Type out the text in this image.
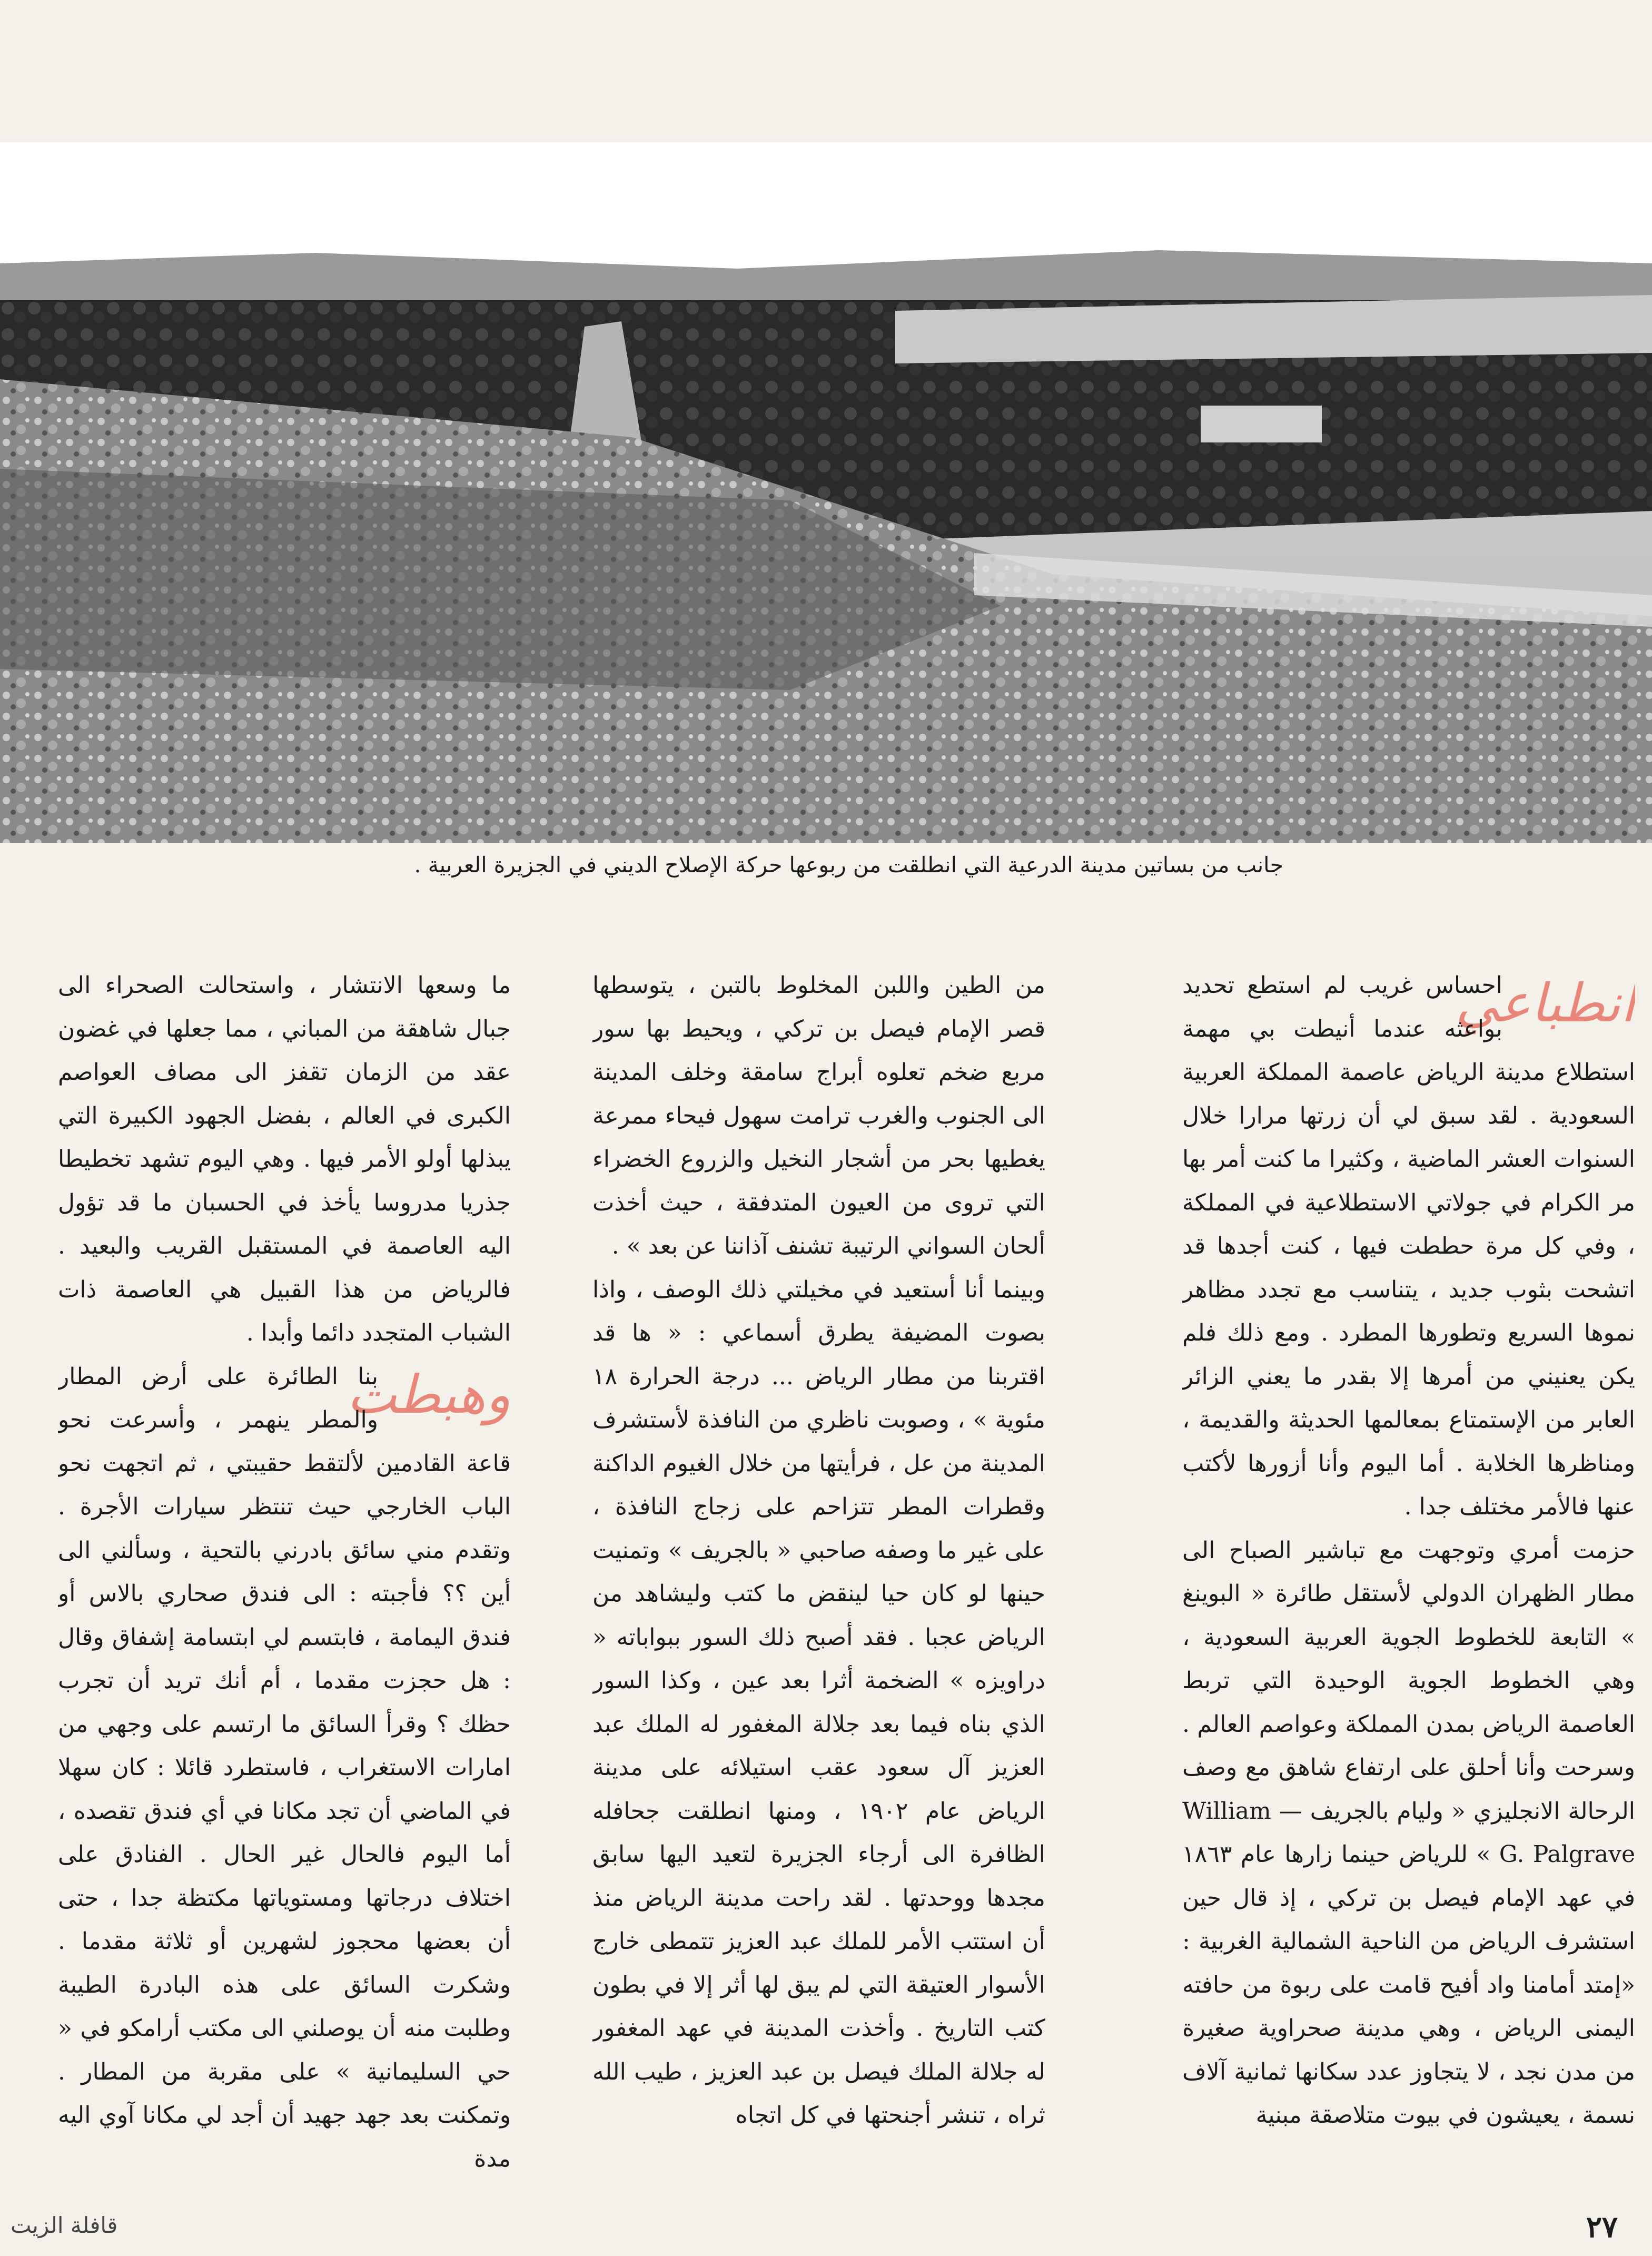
جانب من بساتين مدينة الدرعية التي انطلقت من ربوعها حركة الإصلاح الديني في الجزيرة العربية .
انطباعي

احساس غريب لم استطع تحديد بواعثه عندما أنيطت بي مهمة استطلاع مدينة الرياض عاصمة المملكة العربية السعودية . لقد سبق لي أن زرتها مرارا خلال السنوات العشر الماضية ، وكثيرا ما كنت أمر بها مر الكرام في جولاتي الاستطلاعية في المملكة ، وفي كل مرة حططت فيها ، كنت أجدها قد اتشحت بثوب جديد ، يتناسب مع تجدد مظاهر نموها السريع وتطورها المطرد . ومع ذلك فلم يكن يعنيني من أمرها إلا بقدر ما يعني الزائر العابر من الإستمتاع بمعالمها الحديثة والقديمة ، ومناظرها الخلابة . أما اليوم وأنا أزورها لأكتب عنها فالأمر مختلف جدا .

حزمت أمري وتوجهت مع تباشير الصباح الى مطار الظهران الدولي لأستقل طائرة « البوينغ » التابعة للخطوط الجوية العربية السعودية ، وهي الخطوط الجوية الوحيدة التي تربط العاصمة الرياض بمدن المملكة وعواصم العالم . وسرحت وأنا أحلق على ارتفاع شاهق مع وصف الرحالة الانجليزي « وليام بالجريف — William G. Palgrave » للرياض حينما زارها عام ١٨٦٣ في عهد الإمام فيصل بن تركي ، إذ قال حين استشرف الرياض من الناحية الشمالية الغربية : «إمتد أمامنا واد أفيح قامت على ربوة من حافته اليمنى الرياض ، وهي مدينة صحراوية صغيرة من مدن نجد ، لا يتجاوز عدد سكانها ثمانية آلاف نسمة ، يعيشون في بيوت متلاصقة مبنية

من الطين واللبن المخلوط بالتبن ، يتوسطها قصر الإمام فيصل بن تركي ، ويحيط بها سور مربع ضخم تعلوه أبراج سامقة وخلف المدينة الى الجنوب والغرب ترامت سهول فيحاء ممرعة يغطيها بحر من أشجار النخيل والزروع الخضراء التي تروى من العيون المتدفقة ، حيث أخذت ألحان السواني الرتيبة تشنف آذاننا عن بعد » .

وبينما أنا أستعيد في مخيلتي ذلك الوصف ، واذا بصوت المضيفة يطرق أسماعي : « ها قد اقتربنا من مطار الرياض ... درجة الحرارة ١٨ مئوية » ، وصوبت ناظري من النافذة لأستشرف المدينة من عل ، فرأيتها من خلال الغيوم الداكنة وقطرات المطر تتزاحم على زجاج النافذة ، على غير ما وصفه صاحبي « بالجريف » وتمنيت حينها لو كان حيا لينقض ما كتب وليشاهد من الرياض عجبا . فقد أصبح ذلك السور ببواباته « دراويزه » الضخمة أثرا بعد عين ، وكذا السور الذي بناه فيما بعد جلالة المغفور له الملك عبد العزيز آل سعود عقب استيلائه على مدينة الرياض عام ١٩٠٢ ، ومنها انطلقت جحافله الظافرة الى أرجاء الجزيرة لتعيد اليها سابق مجدها ووحدتها . لقد راحت مدينة الرياض منذ أن استتب الأمر للملك عبد العزيز تتمطى خارج الأسوار العتيقة التي لم يبق لها أثر إلا في بطون كتب التاريخ . وأخذت المدينة في عهد المغفور له جلالة الملك فيصل بن عبد العزيز ، طيب الله ثراه ، تنشر أجنحتها في كل اتجاه

ما وسعها الانتشار ، واستحالت الصحراء الى جبال شاهقة من المباني ، مما جعلها في غضون عقد من الزمان تقفز الى مصاف العواصم الكبرى في العالم ، بفضل الجهود الكبيرة التي يبذلها أولو الأمر فيها . وهي اليوم تشهد تخطيطا جذريا مدروسا يأخذ في الحسبان ما قد تؤول اليه العاصمة في المستقبل القريب والبعيد . فالرياض من هذا القبيل هي العاصمة ذات الشباب المتجدد دائما وأبدا .

وهبطت

بنا الطائرة على أرض المطار والمطر ينهمر ، وأسرعت نحو قاعة القادمين لألتقط حقيبتي ، ثم اتجهت نحو الباب الخارجي حيث تنتظر سيارات الأجرة . وتقدم مني سائق بادرني بالتحية ، وسألني الى أين ؟؟ فأجبته : الى فندق صحاري بالاس أو فندق اليمامة ، فابتسم لي ابتسامة إشفاق وقال : هل حجزت مقدما ، أم أنك تريد أن تجرب حظك ؟ وقرأ السائق ما ارتسم على وجهي من امارات الاستغراب ، فاستطرد قائلا : كان سهلا في الماضي أن تجد مكانا في أي فندق تقصده ، أما اليوم فالحال غير الحال . الفنادق على اختلاف درجاتها ومستوياتها مكتظة جدا ، حتى أن بعضها محجوز لشهرين أو ثلاثة مقدما . وشكرت السائق على هذه البادرة الطيبة وطلبت منه أن يوصلني الى مكتب أرامكو في « حي السليمانية » على مقربة من المطار . وتمكنت بعد جهد جهيد أن أجد لي مكانا آوي اليه مدة

٢٧
قافلة الزيت
